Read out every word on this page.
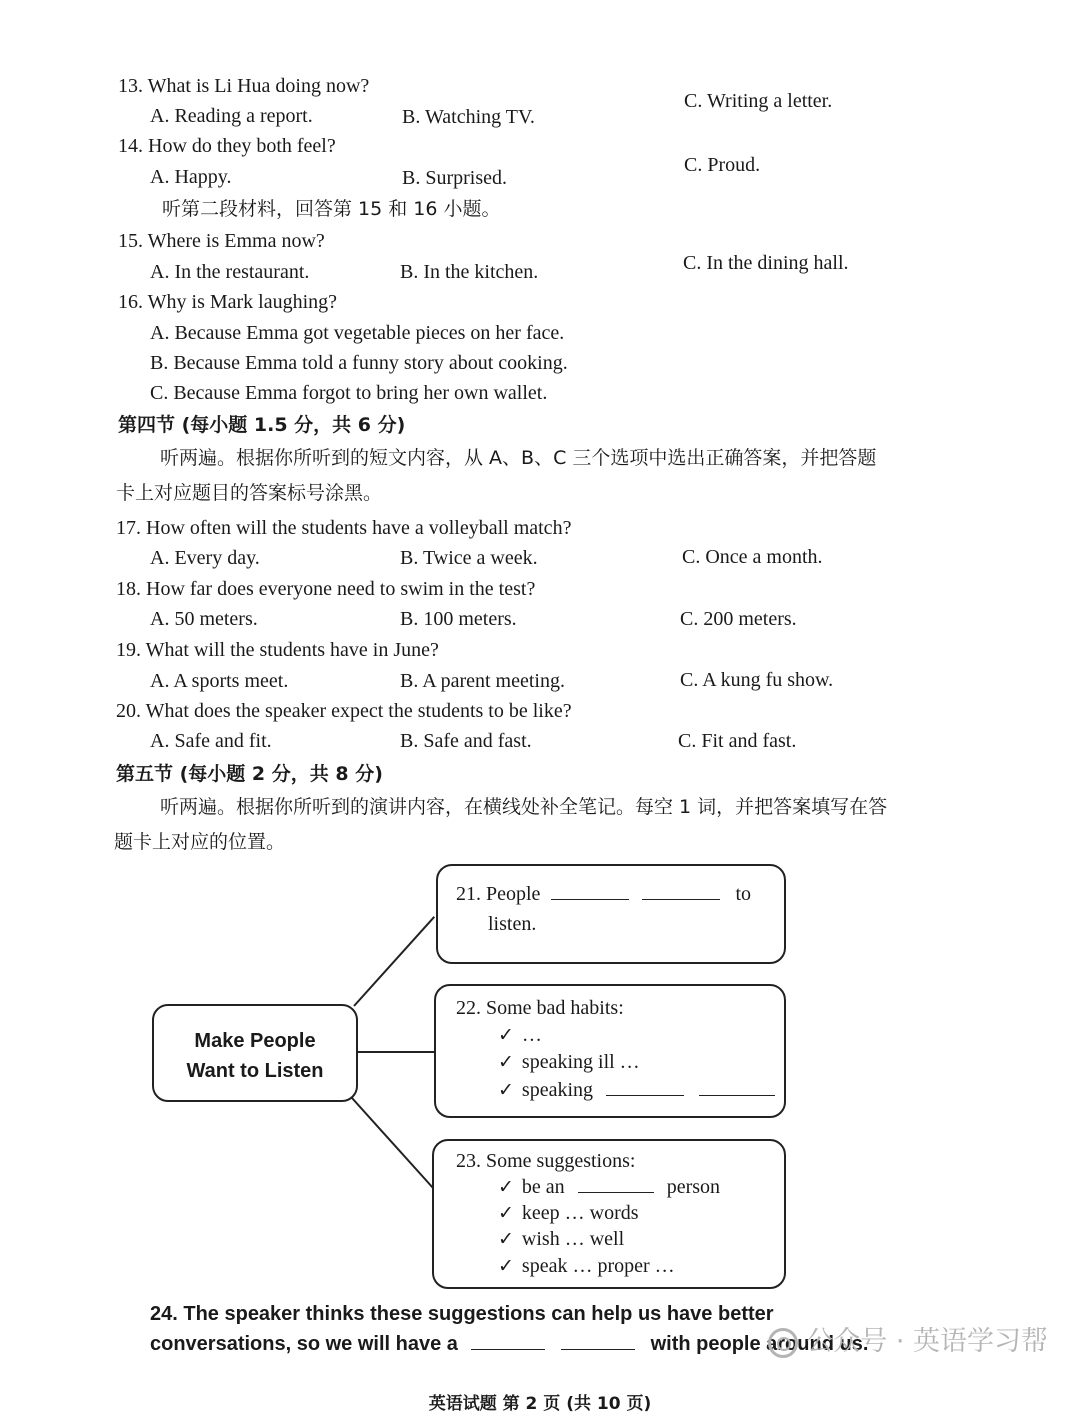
13. What is Li Hua doing now?
A. Reading a report.	B. Watching TV.
C. Writing a letter.
14. How do they both feel?
A. Happy.	B. Surprised.
C. Proud.
听第二段材料，回答第 15 和 16 小题。
15. Where is Emma now?
A. In the restaurant.	B. In the kitchen.	C. In the dining hall.
16. Why is Mark laughing?
A. Because Emma got vegetable pieces on her face.
B. Because Emma told a funny story about cooking.
C. Because Emma forgot to bring her own wallet.
第四节 (每小题 1.5 分，共 6 分)
听两遍。根据你所听到的短文内容，从 A、B、C 三个选项中选出正确答案，并把答题
卡上对应题目的答案标号涂黑。
17. How often will the students have a volleyball match?
A. Every day.	B. Twice a week.	C. Once a month.
18. How far does everyone need to swim in the test?
A. 50 meters.	B. 100 meters.	C. 200 meters.
19. What will the students have in June?
A. A sports meet.	B. A parent meeting.	C. A kung fu show.
20. What does the speaker expect the students to be like?
A. Safe and fit.	B. Safe and fast.	C. Fit and fast.
第五节 (每小题 2 分，共 8 分)
听两遍。根据你所听到的演讲内容，在横线处补全笔记。每空 1 词，并把答案填写在答
题卡上对应的位置。
Make People
Want to Listen
21. People	to
listen.
22. Some bad habits:
✓ …
✓ speaking ill …
✓ speaking
23. Some suggestions:
✓ be an	person
✓ keep … words
✓ wish … well
✓ speak … proper …
24. The speaker thinks these suggestions can help us have better
conversations, so we will have a	with people around us.
公众号 · 英语学习帮
英语试题 第 2 页 (共 10 页)
